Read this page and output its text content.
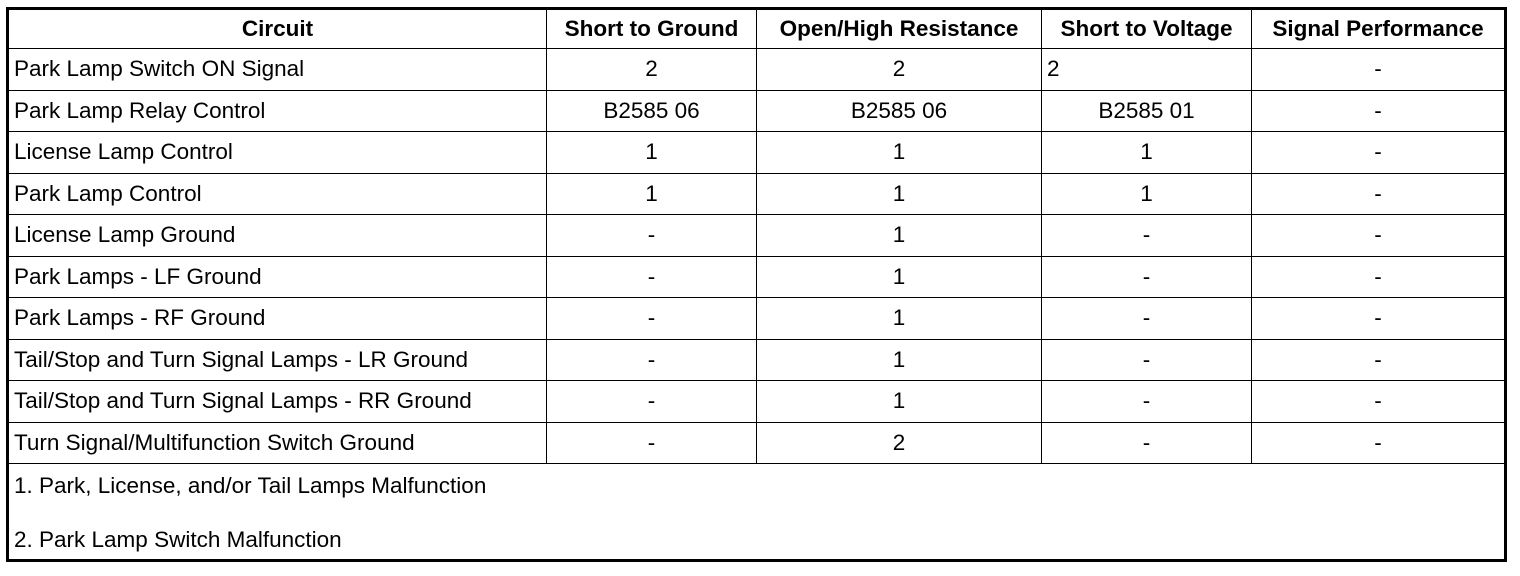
Circuit	Short to Ground	Open/High Resistance	Short to Voltage	Signal Performance
Park Lamp Switch ON Signal	2	2	2	-
Park Lamp Relay Control	B2585 06	B2585 06	B2585 01	-
License Lamp Control	1	1	1	-
Park Lamp Control	1	1	1	-
License Lamp Ground	-	1	-	-
Park Lamps - LF Ground	-	1	-	-
Park Lamps - RF Ground	-	1	-	-
Tail/Stop and Turn Signal Lamps - LR Ground	-	1	-	-
Tail/Stop and Turn Signal Lamps - RR Ground	-	1	-	-
Turn Signal/Multifunction Switch Ground	-	2	-	-

1. Park, License, and/or Tail Lamps Malfunction
2. Park Lamp Switch Malfunction				
